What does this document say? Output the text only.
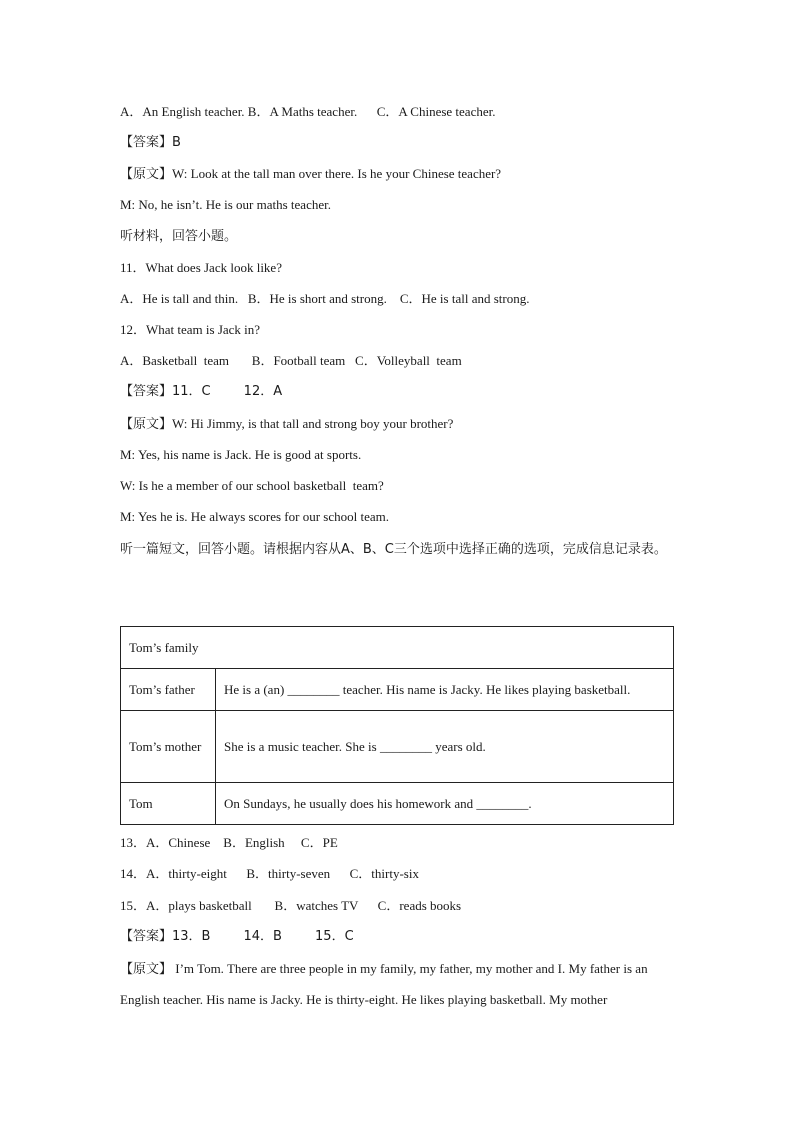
A．An English teacher. B．A Maths teacher.      C．A Chinese teacher.
【答案】B
【原文】W: Look at the tall man over there. Is he your Chinese teacher?
M: No, he isn’t. He is our maths teacher.
听材料，回答小题。
11．What does Jack look like?
A．He is tall and thin.   B．He is short and strong.    C．He is tall and strong.
12．What team is Jack in?
A．Basketball  team       B．Football team   C．Volleyball  team
【答案】11．C        12．A
【原文】W: Hi Jimmy, is that tall and strong boy your brother?
M: Yes, his name is Jack. He is good at sports.
W: Is he a member of our school basketball  team?
M: Yes he is. He always scores for our school team.
听一篇短文，回答小题。请根据内容从A、B、C三个选项中选择正确的选项，完成信息记录表。
Tom’s family	
Tom’s father	He is a (an) ________ teacher. His name is Jacky. He likes playing basketball.
Tom’s mother	She is a music teacher. She is ________ years old.
Tom	On Sundays, he usually does his homework and ________.
13．A．Chinese    B．English     C．PE
14．A．thirty-eight      B．thirty-seven      C．thirty-six
15．A．plays basketball       B．watches TV      C．reads books
【答案】13．B        14．B        15．C
【原文】 I’m Tom. There are three people in my family, my father, my mother and I. My father is an English teacher. His name is Jacky. He is thirty-eight. He likes playing basketball. My mother
